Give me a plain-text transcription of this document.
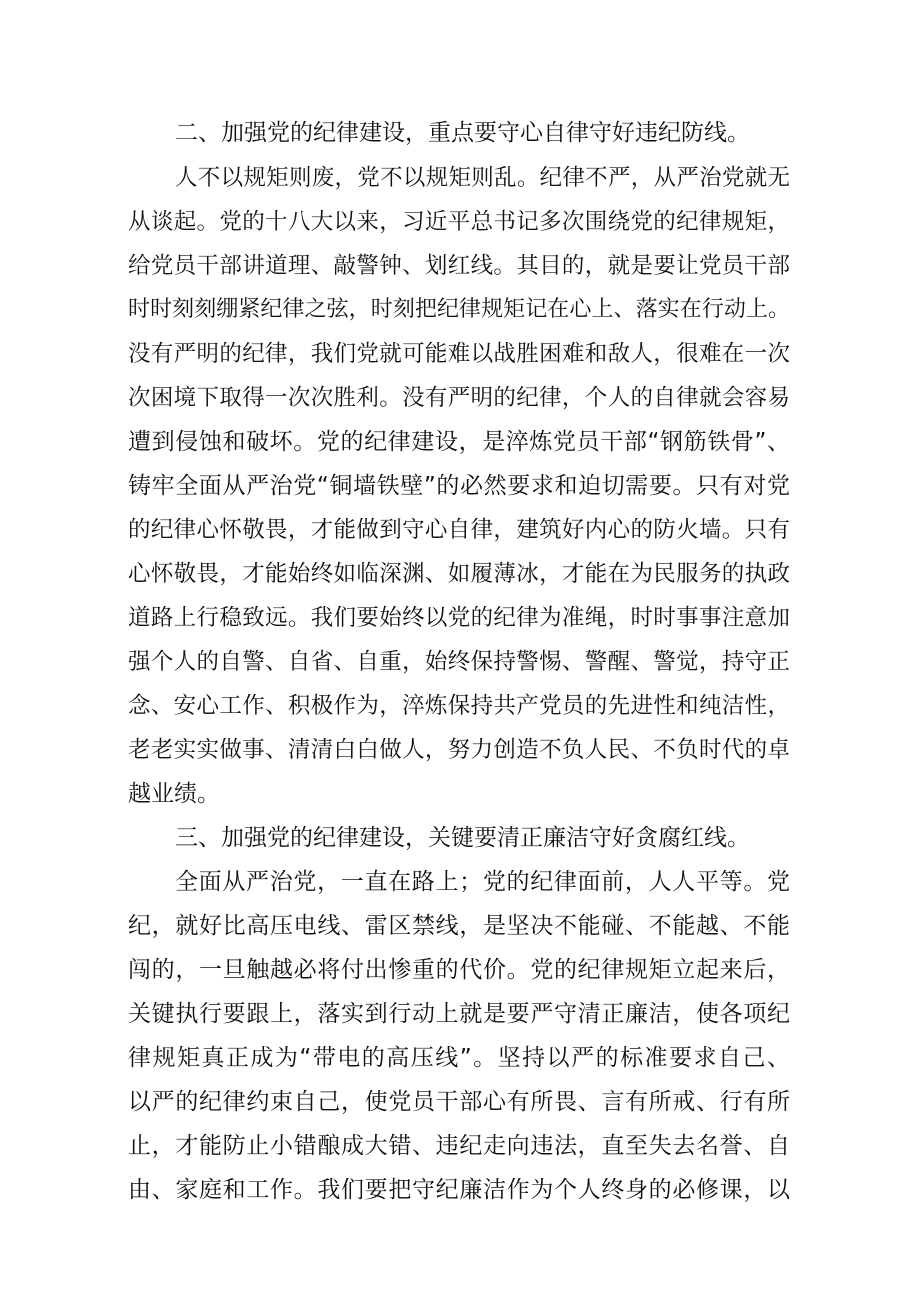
二、加强党的纪律建设，重点要守心自律守好违纪防线。
人不以规矩则废，党不以规矩则乱。纪律不严，从严治党就无
从谈起。党的十八大以来，习近平总书记多次围绕党的纪律规矩，
给党员干部讲道理、敲警钟、划红线。其目的，就是要让党员干部
时时刻刻绷紧纪律之弦，时刻把纪律规矩记在心上、落实在行动上。
没有严明的纪律，我们党就可能难以战胜困难和敌人，很难在一次
次困境下取得一次次胜利。没有严明的纪律，个人的自律就会容易
遭到侵蚀和破坏。党的纪律建设，是淬炼党员干部“钢筋铁骨”、
铸牢全面从严治党“铜墙铁壁”的必然要求和迫切需要。只有对党
的纪律心怀敬畏，才能做到守心自律，建筑好内心的防火墙。只有
心怀敬畏，才能始终如临深渊、如履薄冰，才能在为民服务的执政
道路上行稳致远。我们要始终以党的纪律为准绳，时时事事注意加
强个人的自警、自省、自重，始终保持警惕、警醒、警觉，持守正
念、安心工作、积极作为，淬炼保持共产党员的先进性和纯洁性，
老老实实做事、清清白白做人，努力创造不负人民、不负时代的卓
越业绩。
三、加强党的纪律建设，关键要清正廉洁守好贪腐红线。
全面从严治党，一直在路上；党的纪律面前，人人平等。党
纪，就好比高压电线、雷区禁线，是坚决不能碰、不能越、不能
闯的，一旦触越必将付出惨重的代价。党的纪律规矩立起来后，
关键执行要跟上，落实到行动上就是要严守清正廉洁，使各项纪
律规矩真正成为“带电的高压线”。坚持以严的标准要求自己、
以严的纪律约束自己，使党员干部心有所畏、言有所戒、行有所
止，才能防止小错酿成大错、违纪走向违法，直至失去名誉、自
由、家庭和工作。我们要把守纪廉洁作为个人终身的必修课，以
